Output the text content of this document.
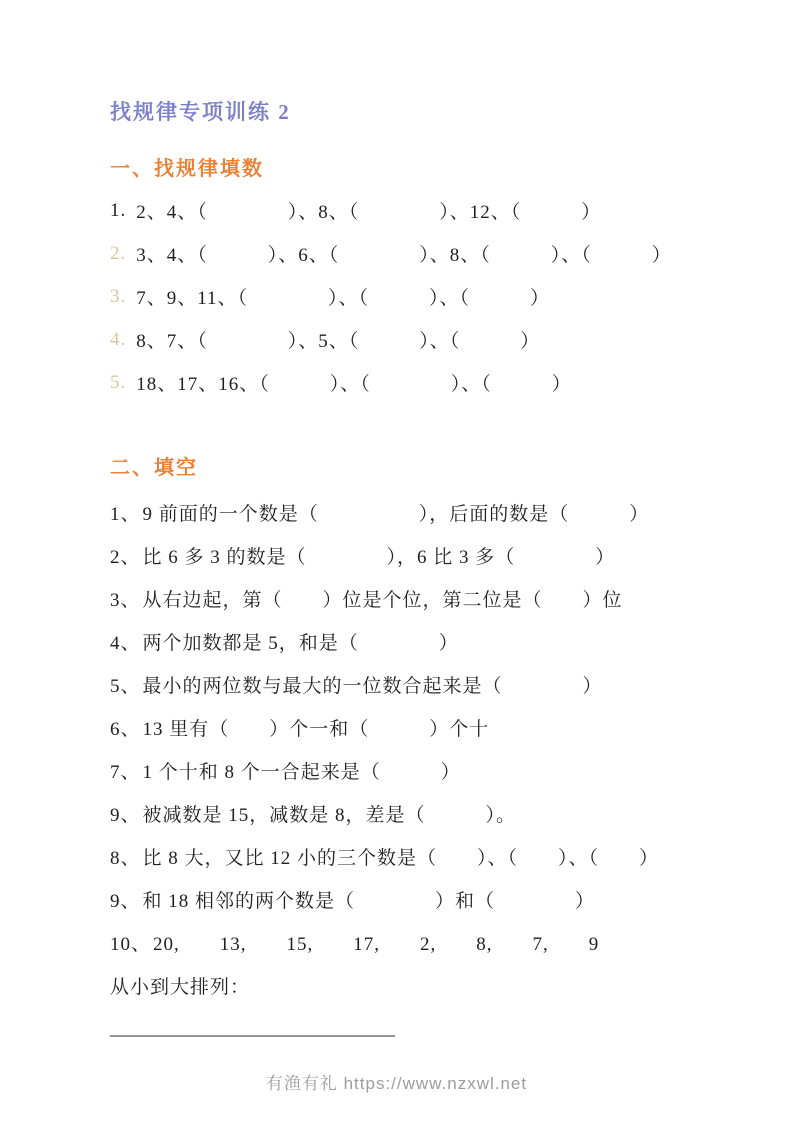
找规律专项训练 2
一、找规律填数
1. 2、4、（　　　　）、8、（　　　　）、12、（　　　）
2. 3、4、（　　　）、6、（　　　　）、8、（　　　）、（　　　）
3. 7、9、11、（　　　　）、（　　　）、（　　　）
4. 8、7、（　　　　）、5、（　　　）、（　　　）
5. 18、17、16、（　　　）、（　　　　）、（　　　）
二、填空
1、 9 前面的一个数是（　　　　　），后面的数是（　　　）
2、 比 6 多 3 的数是（　　　　），6 比 3 多（　　　　）
3、 从右边起，第（　　）位是个位，第二位是（　　）位
4、 两个加数都是 5，和是（　　　　）
5、 最小的两位数与最大的一位数合起来是（　　　　）
6、 13 里有（　　）个一和（　　　）个十
7、 1 个十和 8 个一合起来是（　　　）
9、 被减数是 15，减数是 8，差是（　　　）。
8、 比 8 大，又比 12 小的三个数是（　　）、（　　）、（　　）
9、 和 18 相邻的两个数是（　　　　）和（　　　　）
10、 20,　　13,　　15,　　17,　　2,　　8,　　7,　　9
从小到大排列：
______________________________
有渔有礼 https://www.nzxwl.net
